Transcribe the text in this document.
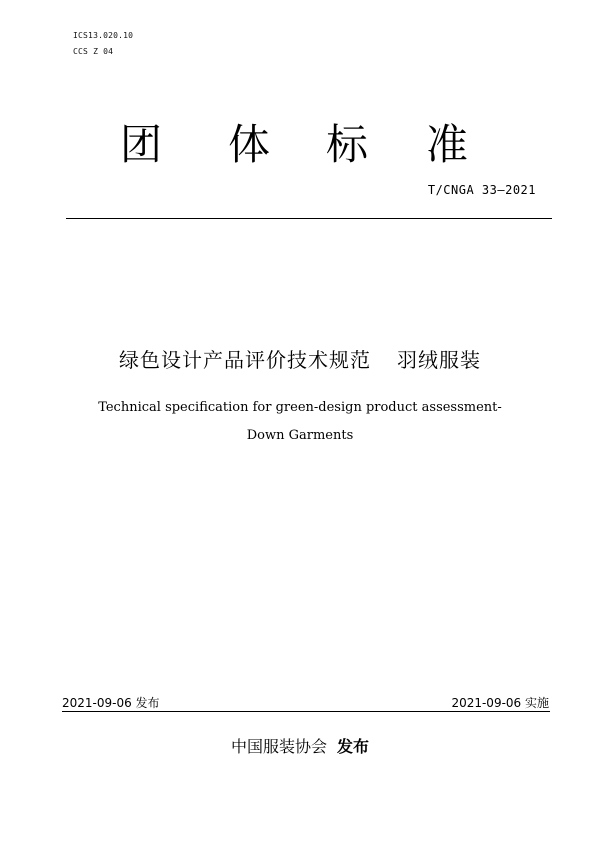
ICS13.020.10
CCS Z 04
团 体 标 准
T/CNGA 33—2021
绿色设计产品评价技术规范 羽绒服装
Technical specification for green-design product assessment-
Down Garments
2021-09-06 发布	2021-09-06 实施
中国服装协会 发布
